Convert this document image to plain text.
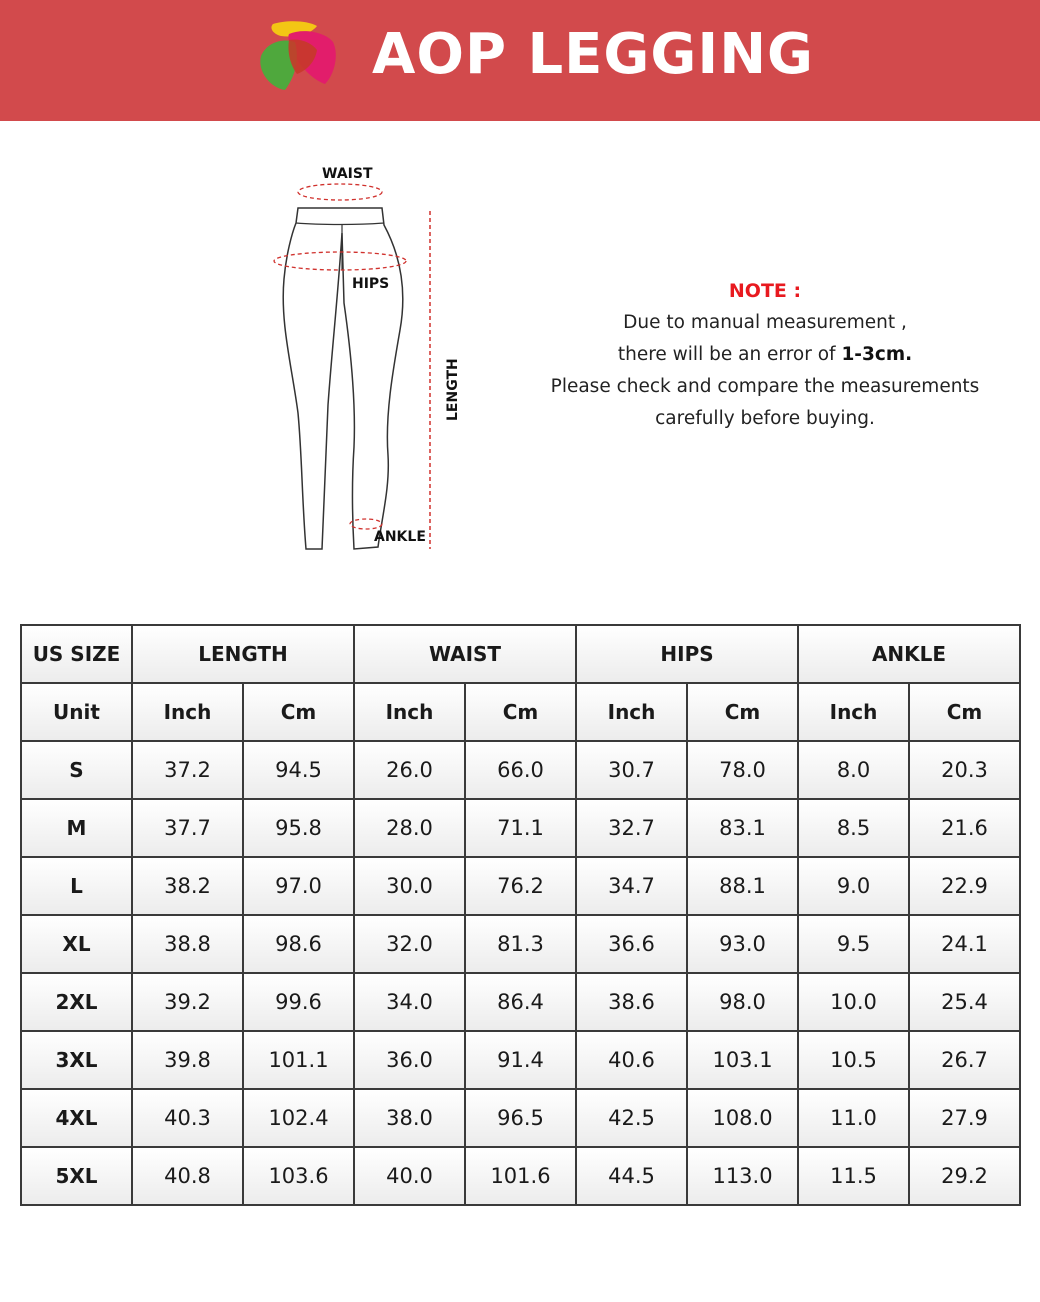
AOP LEGGING
WAIST
HIPS
ANKLE
LENGTH
NOTE :
Due to manual measurement ,
there will be an error of 1-3cm.
Please check and compare the measurements
carefully before buying.
US SIZE	LENGTH		WAIST		HIPS		ANKLE	
Unit	Inch	Cm	Inch	Cm	Inch	Cm	Inch	Cm
S	37.2	94.5	26.0	66.0	30.7	78.0	8.0	20.3
M	37.7	95.8	28.0	71.1	32.7	83.1	8.5	21.6
L	38.2	97.0	30.0	76.2	34.7	88.1	9.0	22.9
XL	38.8	98.6	32.0	81.3	36.6	93.0	9.5	24.1
2XL	39.2	99.6	34.0	86.4	38.6	98.0	10.0	25.4
3XL	39.8	101.1	36.0	91.4	40.6	103.1	10.5	26.7
4XL	40.3	102.4	38.0	96.5	42.5	108.0	11.0	27.9
5XL	40.8	103.6	40.0	101.6	44.5	113.0	11.5	29.2
